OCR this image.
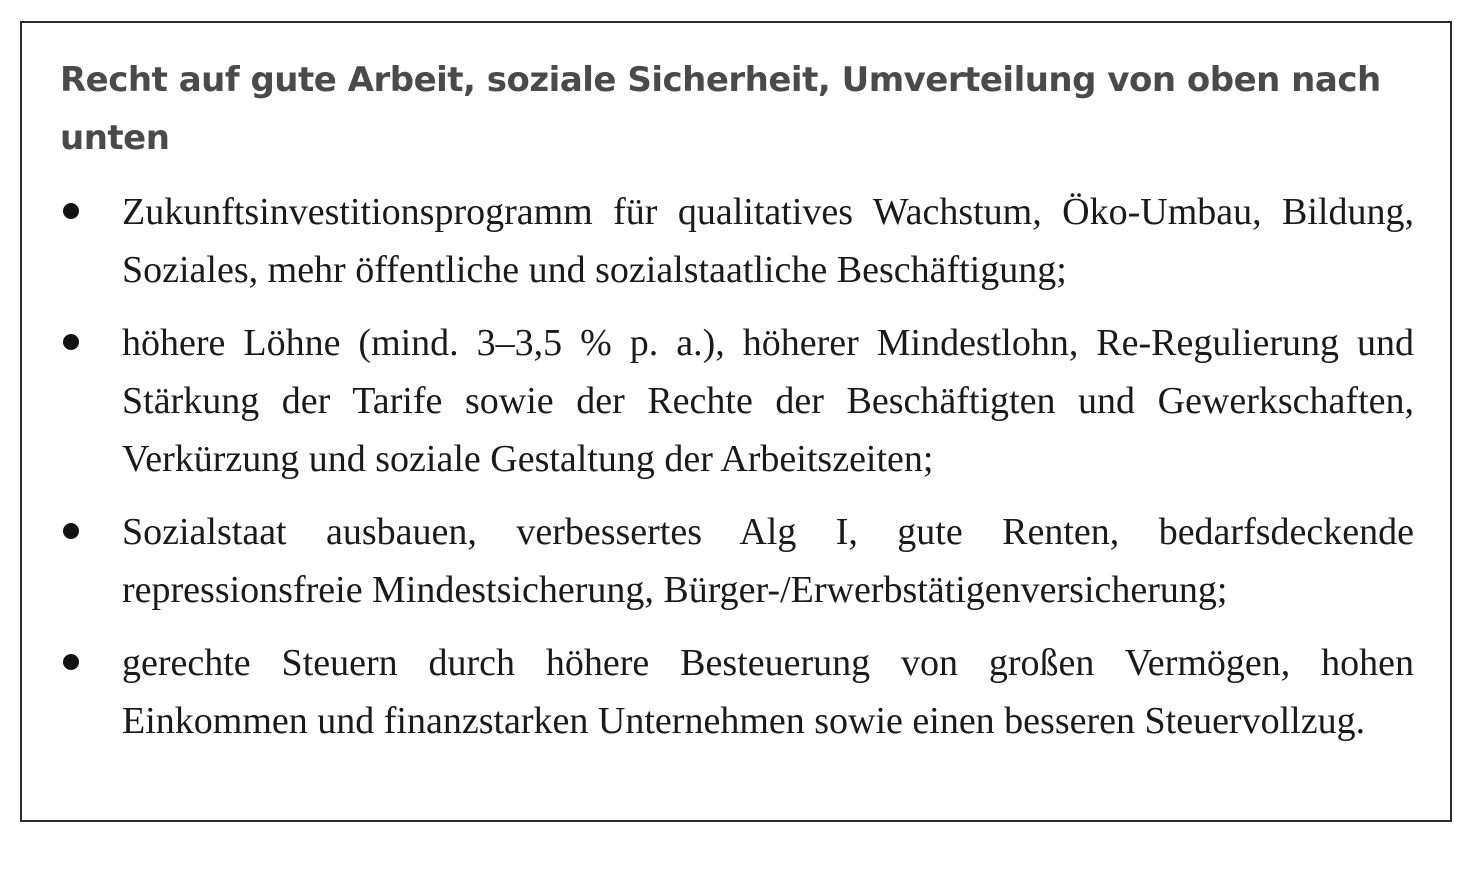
Recht auf gute Arbeit, soziale Sicherheit, Umverteilung von oben nach unten
Zukunftsinvestitionsprogramm für qualitatives Wachstum, Öko-Umbau, Bildung, Soziales, mehr öffentliche und sozialstaatliche Beschäftigung;
höhere Löhne (mind. 3–3,5 % p. a.), höherer Mindestlohn, Re-Regulierung und Stärkung der Tarife sowie der Rechte der Beschäftigten und Gewerkschaften, Verkürzung und soziale Gestaltung der Arbeitszeiten;
Sozialstaat ausbauen, verbessertes Alg I, gute Renten, bedarfsdeckende repressionsfreie Mindestsicherung, Bürger-/Erwerbstätigenversicherung;
gerechte Steuern durch höhere Besteuerung von großen Vermögen, hohen Einkommen und finanzstarken Unternehmen sowie einen besseren Steuervollzug.
